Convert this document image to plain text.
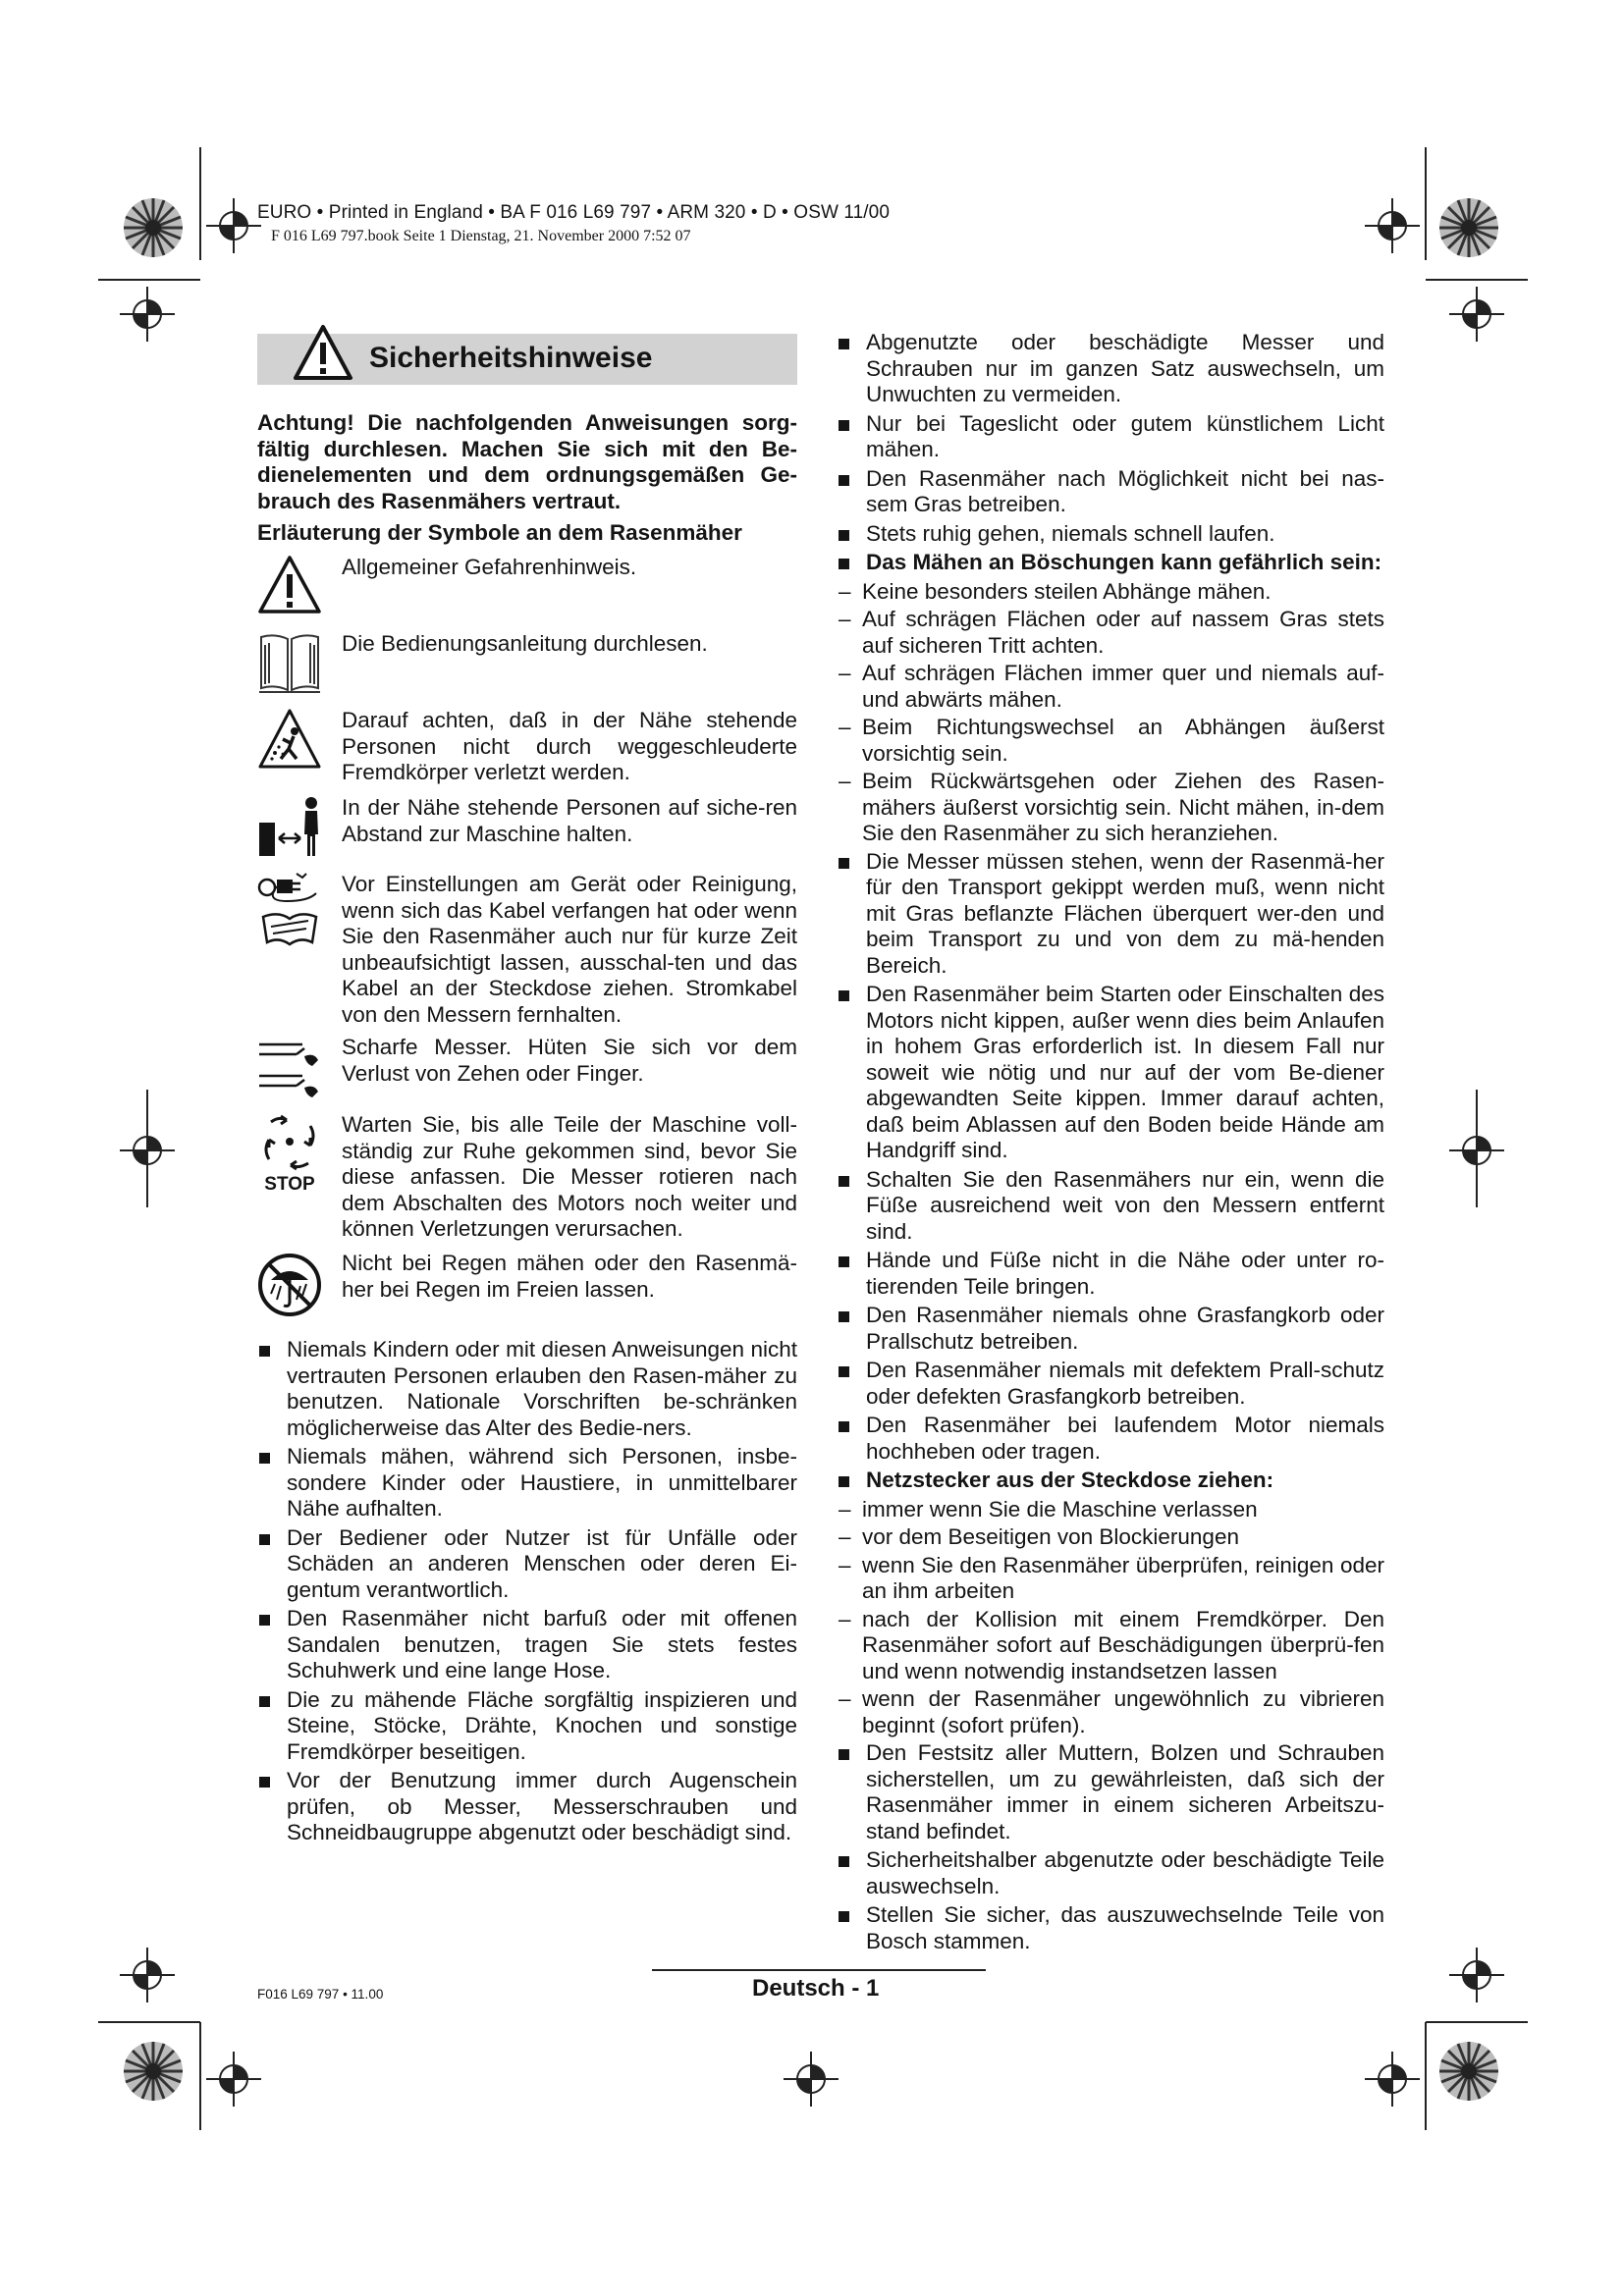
EURO • Printed in England • BA F 016 L69 797 • ARM 320 • D • OSW 11/00
F 016 L69 797.book Seite 1 Dienstag, 21. November 2000 7:52 07
Sicherheitshinweise
Achtung! Die nachfolgenden Anweisungen sorg-fältig durchlesen. Machen Sie sich mit den Be-dienelementen und dem ordnungsgemäßen Ge-brauch des Rasenmähers vertraut.
Erläuterung der Symbole an dem Rasenmäher
Allgemeiner Gefahrenhinweis.
Die Bedienungsanleitung durchlesen.
Darauf achten, daß in der Nähe stehende Personen nicht durch weggeschleuderte Fremdkörper verletzt werden.
In der Nähe stehende Personen auf siche-ren Abstand zur Maschine halten.
Vor Einstellungen am Gerät oder Reinigung, wenn sich das Kabel verfangen hat oder wenn Sie den Rasenmäher auch nur für kurze Zeit unbeaufsichtigt lassen, ausschal-ten und das Kabel an der Steckdose ziehen. Stromkabel von den Messern fernhalten.
Scharfe Messer. Hüten Sie sich vor dem Verlust von Zehen oder Finger.
STOP
Warten Sie, bis alle Teile der Maschine voll-ständig zur Ruhe gekommen sind, bevor Sie diese anfassen. Die Messer rotieren nach dem Abschalten des Motors noch weiter und können Verletzungen verursachen.
Nicht bei Regen mähen oder den Rasenmä-her bei Regen im Freien lassen.
Niemals Kindern oder mit diesen Anweisungen nicht vertrauten Personen erlauben den Rasen-mäher zu benutzen. Nationale Vorschriften be-schränken möglicherweise das Alter des Bedie-ners.
Niemals mähen, während sich Personen, insbe-sondere Kinder oder Haustiere, in unmittelbarer Nähe aufhalten.
Der Bediener oder Nutzer ist für Unfälle oder Schäden an anderen Menschen oder deren Ei-gentum verantwortlich.
Den Rasenmäher nicht barfuß oder mit offenen Sandalen benutzen, tragen Sie stets festes Schuhwerk und eine lange Hose.
Die zu mähende Fläche sorgfältig inspizieren und Steine, Stöcke, Drähte, Knochen und sonstige Fremdkörper beseitigen.
Vor der Benutzung immer durch Augenschein prüfen, ob Messer, Messerschrauben und Schneidbaugruppe abgenutzt oder beschädigt sind.
Abgenutzte oder beschädigte Messer und Schrauben nur im ganzen Satz auswechseln, um Unwuchten zu vermeiden.
Nur bei Tageslicht oder gutem künstlichem Licht mähen.
Den Rasenmäher nach Möglichkeit nicht bei nas-sem Gras betreiben.
Stets ruhig gehen, niemals schnell laufen.
Das Mähen an Böschungen kann gefährlich sein:
– Keine besonders steilen Abhänge mähen.
– Auf schrägen Flächen oder auf nassem Gras stets auf sicheren Tritt achten.
– Auf schrägen Flächen immer quer und niemals auf- und abwärts mähen.
– Beim Richtungswechsel an Abhängen äußerst vorsichtig sein.
– Beim Rückwärtsgehen oder Ziehen des Rasen-mähers äußerst vorsichtig sein. Nicht mähen, in-dem Sie den Rasenmäher zu sich heranziehen.
Die Messer müssen stehen, wenn der Rasenmä-her für den Transport gekippt werden muß, wenn nicht mit Gras beflanzte Flächen überquert wer-den und beim Transport zu und von dem zu mä-henden Bereich.
Den Rasenmäher beim Starten oder Einschalten des Motors nicht kippen, außer wenn dies beim Anlaufen in hohem Gras erforderlich ist. In diesem Fall nur soweit wie nötig und nur auf der vom Be-diener abgewandten Seite kippen. Immer darauf achten, daß beim Ablassen auf den Boden beide Hände am Handgriff sind.
Schalten Sie den Rasenmähers nur ein, wenn die Füße ausreichend weit von den Messern entfernt sind.
Hände und Füße nicht in die Nähe oder unter ro-tierenden Teile bringen.
Den Rasenmäher niemals ohne Grasfangkorb oder Prallschutz betreiben.
Den Rasenmäher niemals mit defektem Prall-schutz oder defekten Grasfangkorb betreiben.
Den Rasenmäher bei laufendem Motor niemals hochheben oder tragen.
Netzstecker aus der Steckdose ziehen:
– immer wenn Sie die Maschine verlassen
– vor dem Beseitigen von Blockierungen
– wenn Sie den Rasenmäher überprüfen, reinigen oder an ihm arbeiten
– nach der Kollision mit einem Fremdkörper. Den Rasenmäher sofort auf Beschädigungen überprü-fen und wenn notwendig instandsetzen lassen
– wenn der Rasenmäher ungewöhnlich zu vibrieren beginnt (sofort prüfen).
Den Festsitz aller Muttern, Bolzen und Schrauben sicherstellen, um zu gewährleisten, daß sich der Rasenmäher immer in einem sicheren Arbeitszu-stand befindet.
Sicherheitshalber abgenutzte oder beschädigte Teile auswechseln.
Stellen Sie sicher, das auszuwechselnde Teile von Bosch stammen.
F016 L69 797 • 11.00	Deutsch - 1
